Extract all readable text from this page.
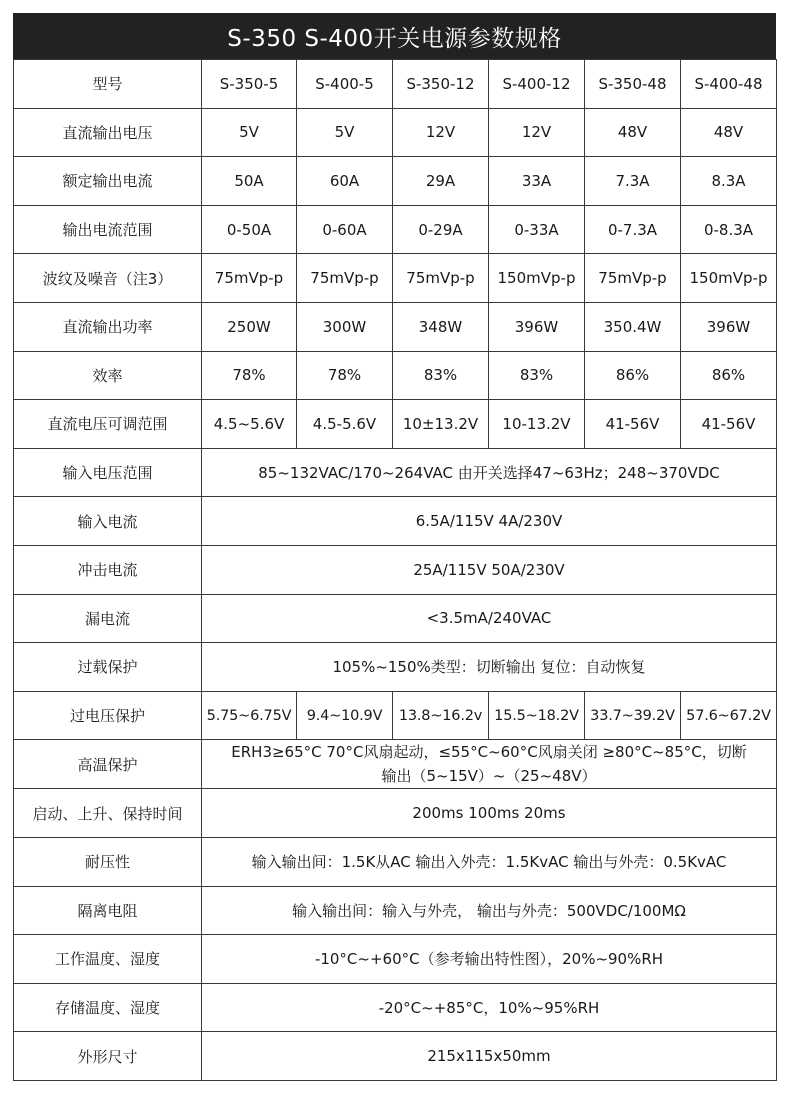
S-350 S-400开关电源参数规格
型号	S-350-5	S-400-5	S-350-12	S-400-12	S-350-48	S-400-48
直流输出电压	5V	5V	12V	12V	48V	48V
额定输出电流	50A	60A	29A	33A	7.3A	8.3A
输出电流范围	0-50A	0-60A	0-29A	0-33A	0-7.3A	0-8.3A
波纹及噪音（注3）	75mVp-p	75mVp-p	75mVp-p	150mVp-p	75mVp-p	150mVp-p
直流输出功率	250W	300W	348W	396W	350.4W	396W
效率	78%	78%	83%	83%	86%	86%
直流电压可调范围	4.5~5.6V	4.5-5.6V	10±13.2V	10-13.2V	41-56V	41-56V
输入电压范围	85~132VAC/170~264VAC 由开关选择47~63Hz；248~370VDC					
输入电流	6.5A/115V 4A/230V					
冲击电流	25A/115V 50A/230V					
漏电流	<3.5mA/240VAC					
过载保护	105%~150%类型：切断输出 复位：自动恢复					
过电压保护	5.75~6.75V	9.4~10.9V	13.8~16.2v	15.5~18.2V	33.7~39.2V	57.6~67.2V
高温保护	ERH3≥65°C 70°C风扇起动，≤55°C~60°C风扇关闭 ≥80°C~85°C，切断
输出（5~15V）~（25~48V）					

启动、上升、保持时间	200ms 100ms 20ms					
耐压性	输入输出间：1.5K从AC 输出入外壳：1.5KvAC 输出与外壳：0.5KvAC					
隔离电阻	输入输出间：输入与外壳， 输出与外壳：500VDC/100MΩ					
工作温度、湿度	-10°C~+60°C（参考输出特性图），20%~90%RH					
存储温度、湿度	-20°C~+85°C，10%~95%RH					
外形尺寸	215x115x50mm					
